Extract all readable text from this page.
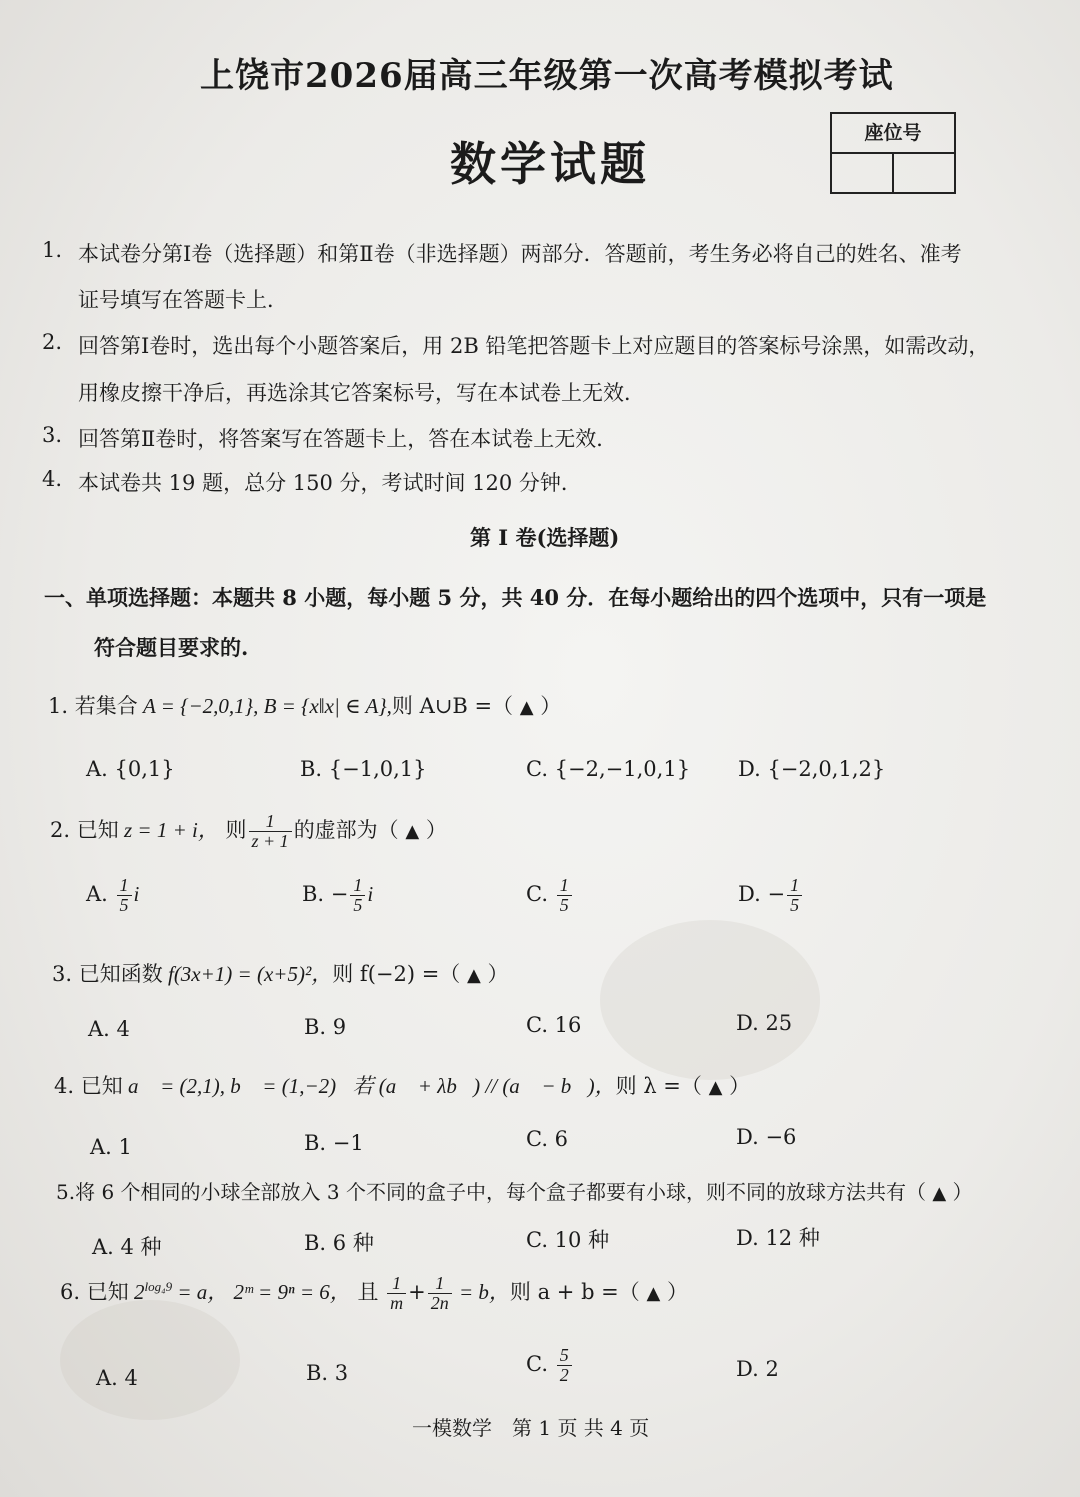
上饶市2026届高三年级第一次高考模拟考试
数学试题
座位号
1. 本试卷分第Ⅰ卷（选择题）和第Ⅱ卷（非选择题）两部分．答题前，考生务必将自己的姓名、准考
证号填写在答题卡上．
2. 回答第Ⅰ卷时，选出每个小题答案后，用 2B 铅笔把答题卡上对应题目的答案标号涂黑，如需改动，
用橡皮擦干净后，再选涂其它答案标号，写在本试卷上无效．
3. 回答第Ⅱ卷时，将答案写在答题卡上，答在本试卷上无效．
4. 本试卷共 19 题，总分 150 分，考试时间 120 分钟．
第 I 卷(选择题)
一、单项选择题：本题共 8 小题，每小题 5 分，共 40 分．在每小题给出的四个选项中，只有一项是
符合题目要求的.
1. 若集合 A = {−2,0,1}, B = {x‖x| ∈ A},则 A∪B =（ ▲ ）
A. {0,1}	B. {−1,0,1}	C. {−2,−1,0,1} D. {−2,0,1,2}
2. 已知 z = 1 + i， 则 $\frac{1}{z + 1}$ 的虚部为（ ▲ ）
A. $\frac{1}{5}$ i	B. − $\frac{1}{5}$ i	C. $\frac{1}{5}$	D. − $\frac{1}{5}$
3. 已知函数 f(3x+1) = (x+5)²，则 f(−2) =（ ▲ ）
A. 4	B. 9	C. 16	D. 25
4. 已知 a⃗ = (2,1), b⃗ = (1,−2)，若 (a⃗ + λb⃗) // (a⃗ − b⃗)，则 λ =（ ▲ ）
A. 1	B. −1	C. 6	D. −6
5.将 6 个相同的小球全部放入 3 个不同的盒子中，每个盒子都要有小球，则不同的放球方法共有（ ▲ ）
A. 4 种	B. 6 种	C. 10 种	D. 12 种
6. 已知 $2^{log_49} = a$， 2ᵐ = 9ⁿ = 6， 且 $\frac{1}{m} + \frac{1}{2n} = b$，则 a + b =（ ▲ ）
A. 4	B. 3	C. $\frac{5}{2}$	D. 2
一模数学　第 1 页 共 4 页
